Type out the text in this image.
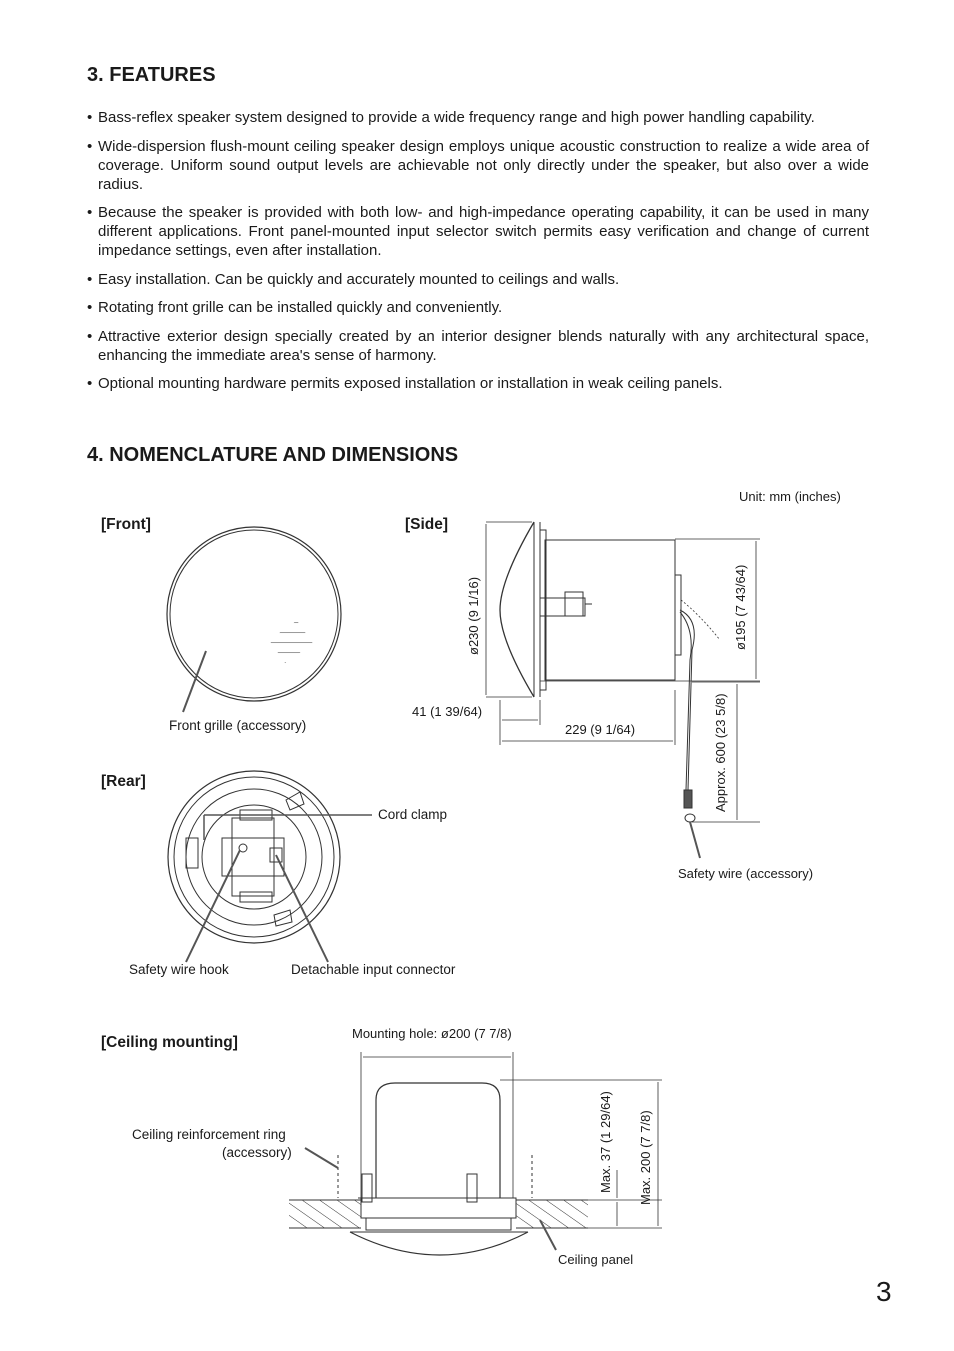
3. FEATURES
• Bass-reflex speaker system designed to provide a wide frequency range and high power handling capability.
• Wide-dispersion flush-mount ceiling speaker design employs unique acoustic construction to realize a wide area of coverage. Uniform sound output levels are achievable not only directly under the speaker, but also over a wide radius.
• Because the speaker is provided with both low- and high-impedance operating capability, it can be used in many different applications. Front panel-mounted input selector switch permits easy verification and change of current impedance settings, even after installation.
• Easy installation. Can be quickly and accurately mounted to ceilings and walls.
• Rotating front grille can be installed quickly and conveniently.
• Attractive exterior design specially created by an interior designer blends naturally with any architectural space, enhancing the immediate area's sense of harmony.
• Optional mounting hardware permits exposed installation or installation in weak ceiling panels.
4. NOMENCLATURE AND DIMENSIONS
Unit: mm (inches)
[Front]
Front grille (accessory)
[Side]
ø230 (9 1/16)	ø195 (7 43/64)
41 (1 39/64)
229 (9 1/64)	Approx. 600 (23 5/8)
Safety wire (accessory)
[Rear]
Cord clamp
Safety wire hook	Detachable input connector
[Ceiling mounting]
Mounting hole: ø200 (7 7/8)
Ceiling reinforcement ring
(accessory)	Max. 37 (1 29/64) Max. 200 (7 7/8)
Ceiling panel
3
